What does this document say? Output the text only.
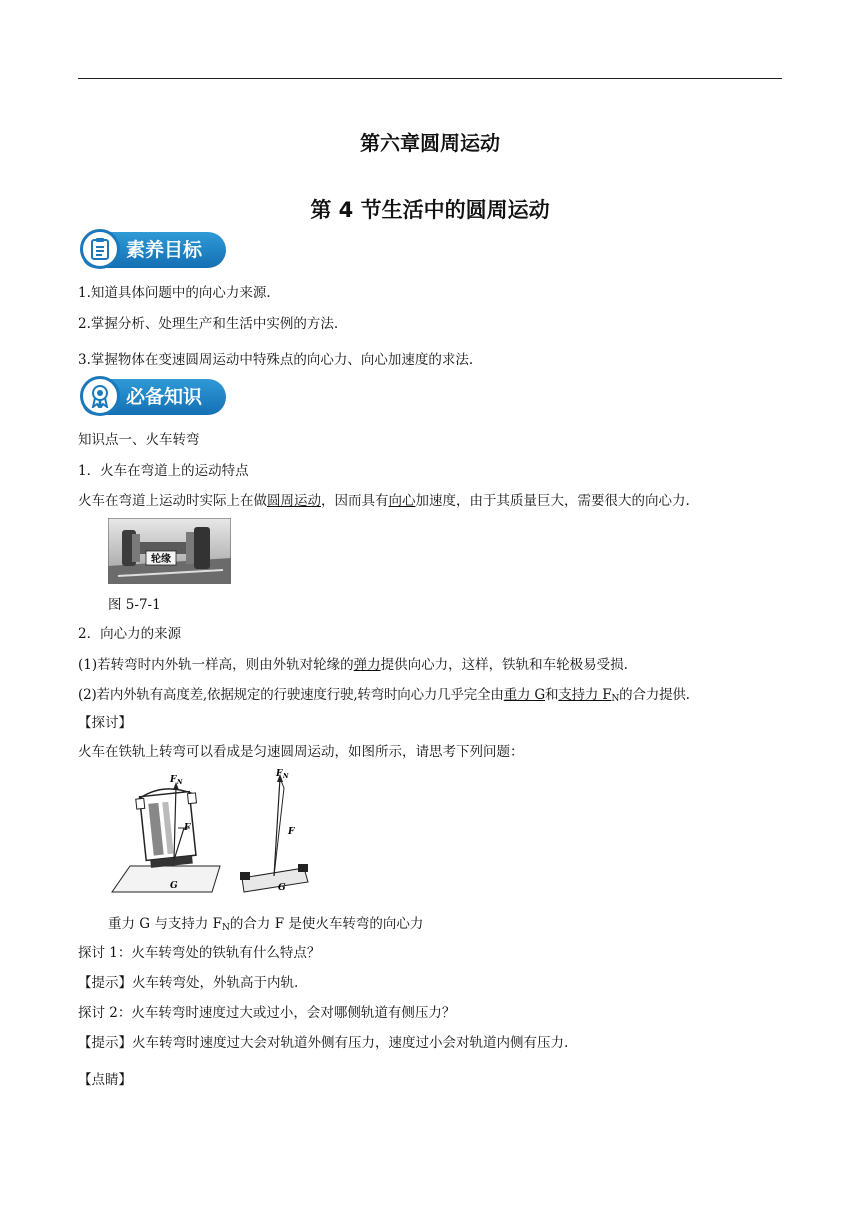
第六章圆周运动
第 4 节生活中的圆周运动
素养目标
1.知道具体问题中的向心力来源.
2.掌握分析、处理生产和生活中实例的方法.
3.掌握物体在变速圆周运动中特殊点的向心力、向心加速度的求法.
必备知识
知识点一、火车转弯
1．火车在弯道上的运动特点
火车在弯道上运动时实际上在做圆周运动，因而具有向心加速度，由于其质量巨大，需要很大的向心力.
轮缘
图 5-7-1
2．向心力的来源
(1)若转弯时内外轨一样高，则由外轨对轮缘的弹力提供向心力，这样，铁轨和车轮极易受损.
(2)若内外轨有高度差,依据规定的行驶速度行驶,转弯时向心力几乎完全由重力 G和支持力 $F_N$的合力提供.
【探讨】
火车在铁轨上转弯可以看成是匀速圆周运动，如图所示，请思考下列问题：
F N
F
G
F N
F
G
重力 G 与支持力 $F_N$的合力 F 是使火车转弯的向心力
探讨 1：火车转弯处的铁轨有什么特点？
【提示】火车转弯处，外轨高于内轨.
探讨 2：火车转弯时速度过大或过小，会对哪侧轨道有侧压力？
【提示】火车转弯时速度过大会对轨道外侧有压力，速度过小会对轨道内侧有压力.
【点睛】
